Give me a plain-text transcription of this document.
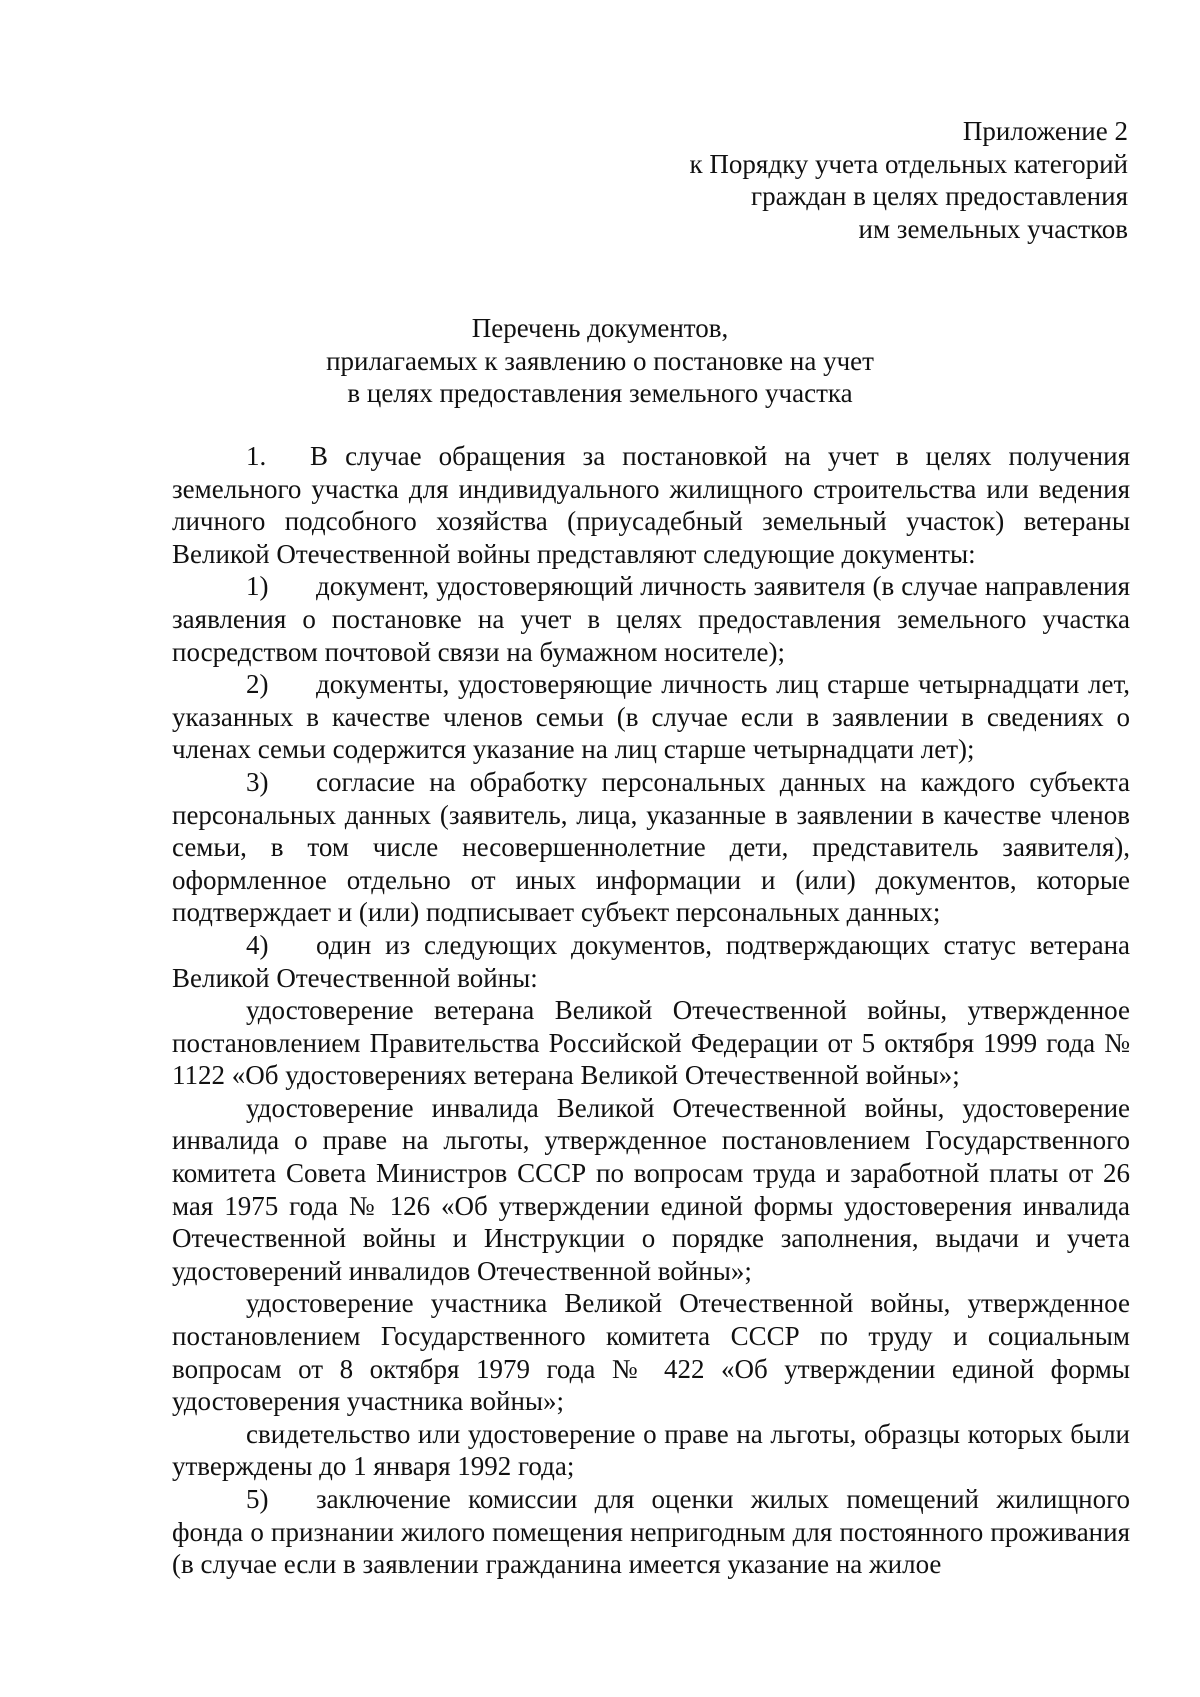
Приложение 2
к Порядку учета отдельных категорий
граждан в целях предоставления
им земельных участков
Перечень документов,
прилагаемых к заявлению о постановке на учет
в целях предоставления земельного участка

1. В случае обращения за постановкой на учет в целях получения земельного участка для индивидуального жилищного строительства или ведения личного подсобного хозяйства (приусадебный земельный участок) ветераны Великой Отечественной войны представляют следующие документы:

1) документ, удостоверяющий личность заявителя (в случае направления заявления о постановке на учет в целях предоставления земельного участка посредством почтовой связи на бумажном носителе);

2) документы, удостоверяющие личность лиц старше четырнадцати лет, указанных в качестве членов семьи (в случае если в заявлении в сведениях о членах семьи содержится указание на лиц старше четырнадцати лет);

3) согласие на обработку персональных данных на каждого субъекта персональных данных (заявитель, лица, указанные в заявлении в качестве членов семьи, в том числе несовершеннолетние дети, представитель заявителя), оформленное отдельно от иных информации и (или) документов, которые подтверждает и (или) подписывает субъект персональных данных;

4) один из следующих документов, подтверждающих статус ветерана Великой Отечественной войны:

удостоверение ветерана Великой Отечественной войны, утвержденное постановлением Правительства Российской Федерации от 5 октября 1999 года № 1122 «Об удостоверениях ветерана Великой Отечественной войны»;

удостоверение инвалида Великой Отечественной войны, удостоверение инвалида о праве на льготы, утвержденное постановлением Государственного комитета Совета Министров СССР по вопросам труда и заработной платы от 26 мая 1975 года № 126 «Об утверждении единой формы удостоверения инвалида Отечественной войны и Инструкции о порядке заполнения, выдачи и учета удостоверений инвалидов Отечественной войны»;

удостоверение участника Великой Отечественной войны, утвержденное постановлением Государственного комитета СССР по труду и социальным вопросам от 8 октября 1979 года № 422 «Об утверждении единой формы удостоверения участника войны»;

свидетельство или удостоверение о праве на льготы, образцы которых были утверждены до 1 января 1992 года;

5) заключение комиссии для оценки жилых помещений жилищного фонда о признании жилого помещения непригодным для постоянного проживания (в случае если в заявлении гражданина имеется указание на жилое
